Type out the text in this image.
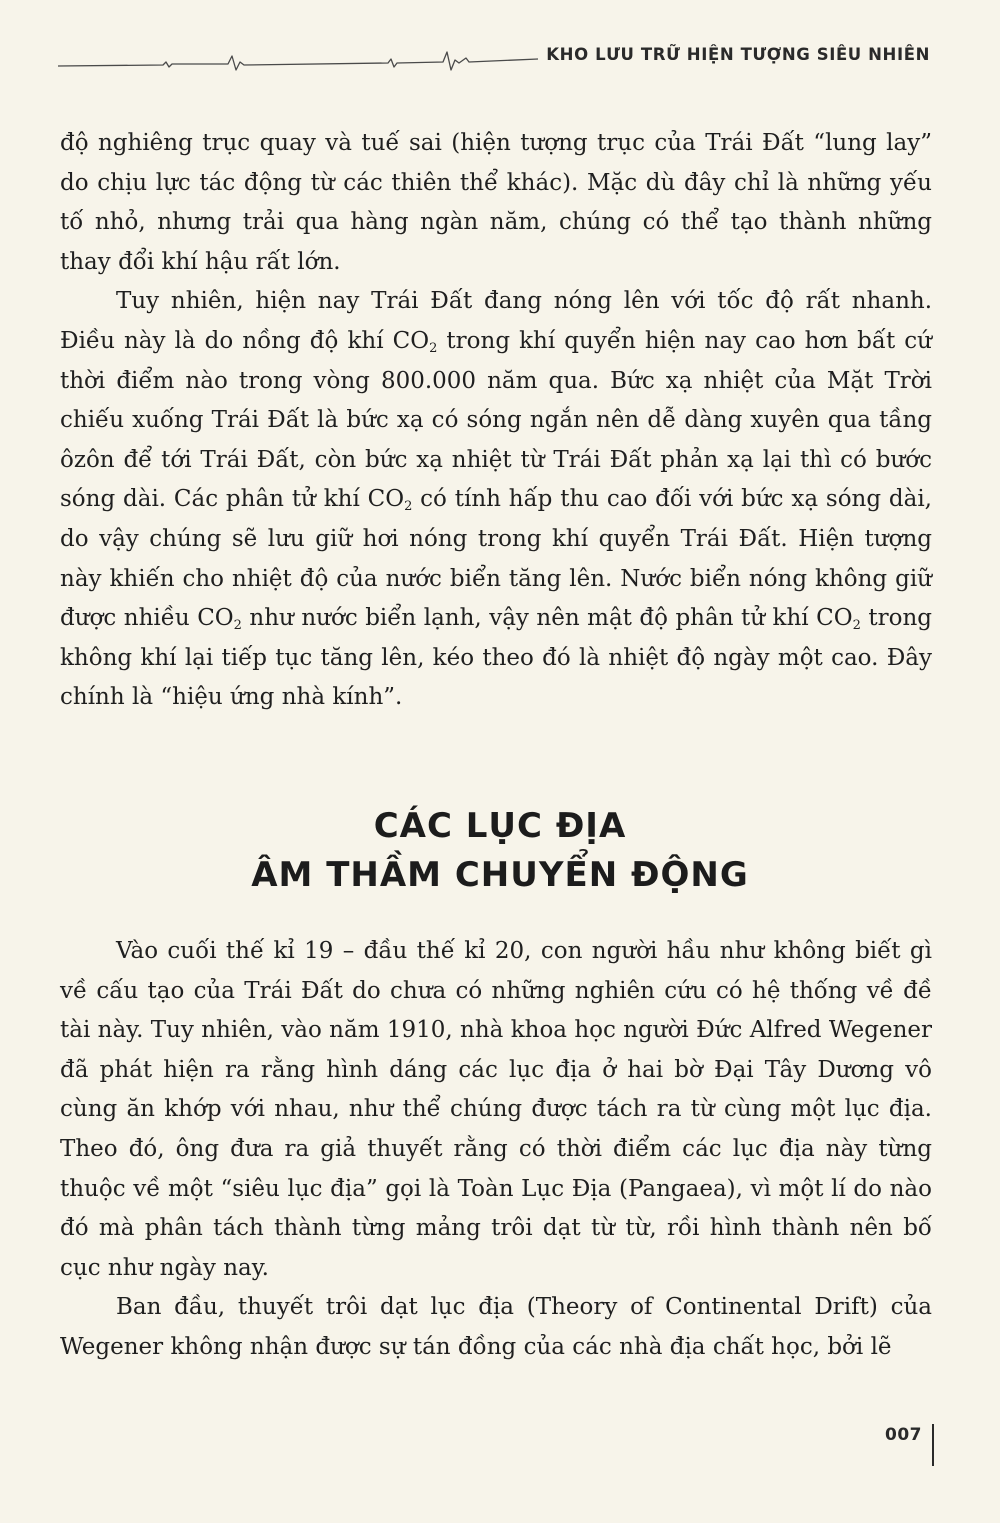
KHO LƯU TRỮ HIỆN TƯỢNG SIÊU NHIÊN

độ nghiêng trục quay và tuế sai (hiện tượng trục của Trái Đất “lung lay” do chịu lực tác động từ các thiên thể khác). Mặc dù đây chỉ là những yếu tố nhỏ, nhưng trải qua hàng ngàn năm, chúng có thể tạo thành những thay đổi khí hậu rất lớn.

Tuy nhiên, hiện nay Trái Đất đang nóng lên với tốc độ rất nhanh. Điều này là do nồng độ khí $CO_2$ trong khí quyển hiện nay cao hơn bất cứ thời điểm nào trong vòng 800.000 năm qua. Bức xạ nhiệt của Mặt Trời chiếu xuống Trái Đất là bức xạ có sóng ngắn nên dễ dàng xuyên qua tầng ôzôn để tới Trái Đất, còn bức xạ nhiệt từ Trái Đất phản xạ lại thì có bước sóng dài. Các phân tử khí $CO_2$ có tính hấp thu cao đối với bức xạ sóng dài, do vậy chúng sẽ lưu giữ hơi nóng trong khí quyển Trái Đất. Hiện tượng này khiến cho nhiệt độ của nước biển tăng lên. Nước biển nóng không giữ được nhiều $CO_2$ như nước biển lạnh, vậy nên mật độ phân tử khí $CO_2$ trong không khí lại tiếp tục tăng lên, kéo theo đó là nhiệt độ ngày một cao. Đây chính là “hiệu ứng nhà kính”.

CÁC LỤC ĐỊA
ÂM THẦM CHUYỂN ĐỘNG

Vào cuối thế kỉ 19 – đầu thế kỉ 20, con người hầu như không biết gì về cấu tạo của Trái Đất do chưa có những nghiên cứu có hệ thống về đề tài này. Tuy nhiên, vào năm 1910, nhà khoa học người Đức Alfred Wegener đã phát hiện ra rằng hình dáng các lục địa ở hai bờ Đại Tây Dương vô cùng ăn khớp với nhau, như thể chúng được tách ra từ cùng một lục địa. Theo đó, ông đưa ra giả thuyết rằng có thời điểm các lục địa này từng thuộc về một “siêu lục địa” gọi là Toàn Lục Địa (Pangaea), vì một lí do nào đó mà phân tách thành từng mảng trôi dạt từ từ, rồi hình thành nên bố cục như ngày nay.

Ban đầu, thuyết trôi dạt lục địa (Theory of Continental Drift) của Wegener không nhận được sự tán đồng của các nhà địa chất học, bởi lẽ

007
